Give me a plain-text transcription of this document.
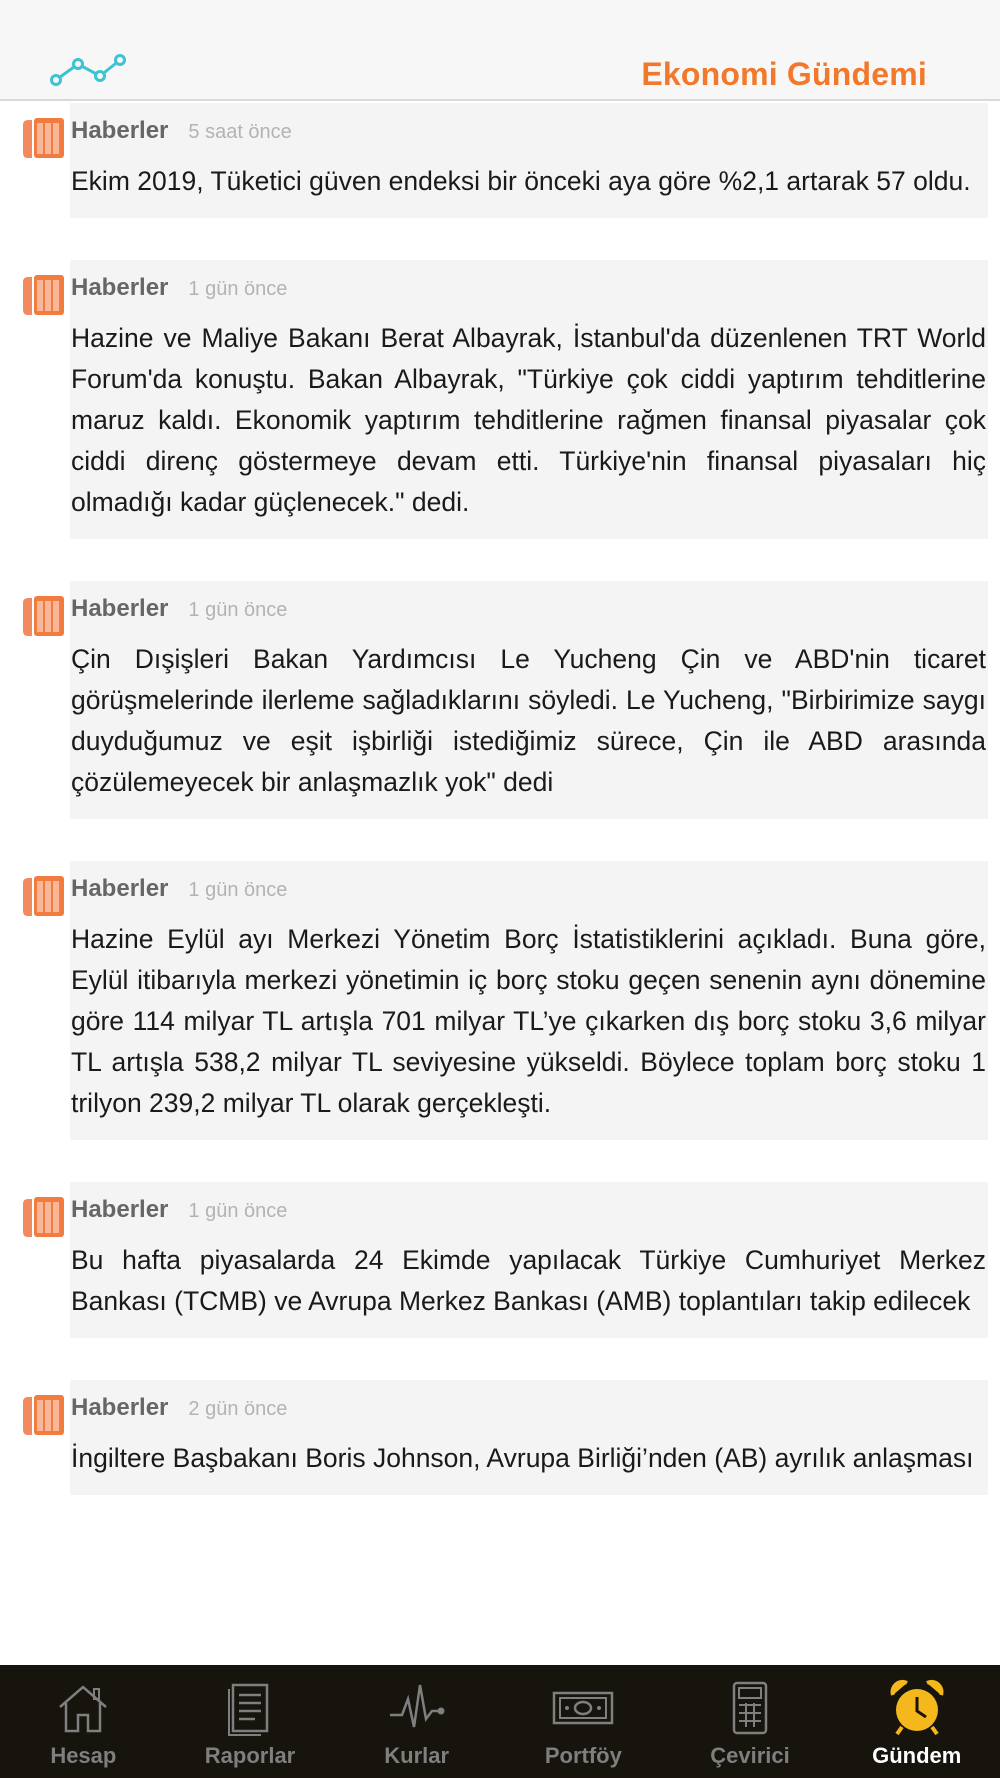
Ekonomi Gündemi
Haberler 5 saat önce
Ekim 2019, Tüketici güven endeksi bir önceki aya göre %2,1 artarak 57 oldu.
Haberler 1 gün önce
Hazine ve Maliye Bakanı Berat Albayrak, İstanbul'da düzenlenen TRT World Forum'da konuştu. Bakan Albayrak, "Türkiye çok ciddi yaptırım tehditlerine maruz kaldı. Ekonomik yaptırım tehditlerine rağmen finansal piyasalar çok ciddi direnç göstermeye devam etti. Türkiye'nin finansal piyasaları hiç olmadığı kadar güçlenecek." dedi.
Haberler 1 gün önce
Çin Dışişleri Bakan Yardımcısı Le Yucheng Çin ve ABD'nin ticaret görüşmelerinde ilerleme sağladıklarını söyledi. Le Yucheng, "Birbirimize saygı duyduğumuz ve eşit işbirliği istediğimiz sürece, Çin ile ABD arasında çözülemeyecek bir anlaşmazlık yok" dedi
Haberler 1 gün önce
Hazine Eylül ayı Merkezi Yönetim Borç İstatistiklerini açıkladı. Buna göre, Eylül itibarıyla merkezi yönetimin iç borç stoku geçen senenin aynı dönemine göre 114 milyar TL artışla 701 milyar TL’ye çıkarken dış borç stoku 3,6 milyar TL artışla 538,2 milyar TL seviyesine yükseldi. Böylece toplam borç stoku 1 trilyon 239,2 milyar TL olarak gerçekleşti.
Haberler 1 gün önce
Bu hafta piyasalarda 24 Ekimde yapılacak Türkiye Cumhuriyet Merkez Bankası (TCMB) ve Avrupa Merkez Bankası (AMB) toplantıları takip edilecek
Haberler 2 gün önce
İngiltere Başbakanı Boris Johnson, Avrupa Birliği’nden (AB) ayrılık anlaşması
Hesap	Raporlar	Kurlar	Portföy	Çevirici	Gündem
